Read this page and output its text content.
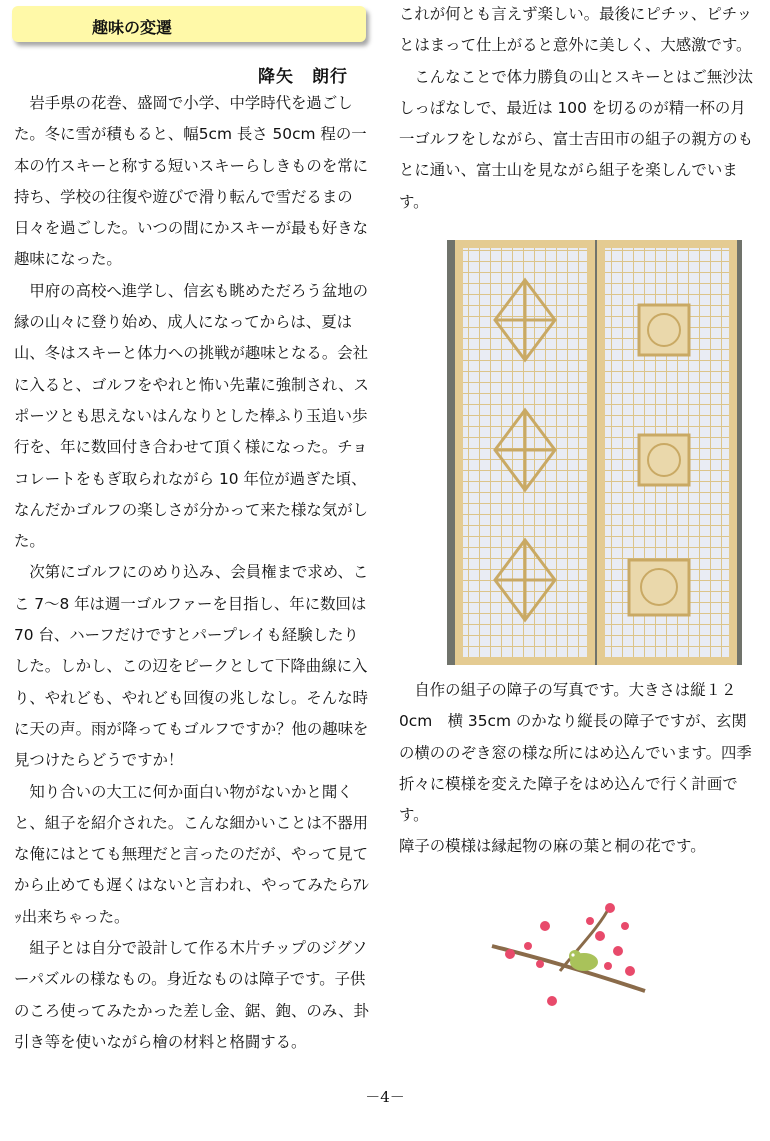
趣味の変遷
降矢　朗行

岩手県の花巻、盛岡で小学、中学時代を過ごした。冬に雪が積もると、幅5cm 長さ 50cm 程の一本の竹スキーと称する短いスキーらしきものを常に持ち、学校の往復や遊びで滑り転んで雪だるまの日々を過ごした。いつの間にかスキーが最も好きな趣味になった。

甲府の高校へ進学し、信玄も眺めただろう盆地の縁の山々に登り始め、成人になってからは、夏は山、冬はスキーと体力への挑戦が趣味となる。会社に入ると、ゴルフをやれと怖い先輩に強制され、スポーツとも思えないはんなりとした棒ふり玉追い歩行を、年に数回付き合わせて頂く様になった。チョコレートをもぎ取られながら 10 年位が過ぎた頃、なんだかゴルフの楽しさが分かって来た様な気がした。

次第にゴルフにのめり込み、会員権まで求め、ここ 7～8 年は週一ゴルファーを目指し、年に数回は 70 台、ハーフだけですとパープレイも経験したりした。しかし、この辺をピークとして下降曲線に入り、やれども、やれども回復の兆しなし。そんな時に天の声。雨が降ってもゴルフですか？他の趣味を見つけたらどうですか！

知り合いの大工に何か面白い物がないかと聞くと、組子を紹介された。こんな細かいことは不器用な俺にはとても無理だと言ったのだが、やって見てから止めても遅くはないと言われ、やってみたらｱﾚｯ出来ちゃった。

組子とは自分で設計して作る木片チップのジグソーパズルの様なもの。身近なものは障子です。子供のころ使ってみたかった差し金、鋸、鉋、のみ、卦引き等を使いながら檜の材料と格闘する。

これが何とも言えず楽しい。最後にピチッ、ピチッとはまって仕上がると意外に美しく、大感激です。

こんなことで体力勝負の山とスキーとはご無沙汰しっぱなしで、最近は 100 を切るのが精一杯の月一ゴルフをしながら、富士吉田市の組子の親方のもとに通い、富士山を見ながら組子を楽しんでいます。

自作の組子の障子の写真です。大きさは縦１２0cm　横 35cm のかなり縦長の障子ですが、玄関の横ののぞき窓の様な所にはめ込んでいます。四季折々に模様を変えた障子をはめ込んで行く計画です。

障子の模様は縁起物の麻の葉と桐の花です。

－4－
